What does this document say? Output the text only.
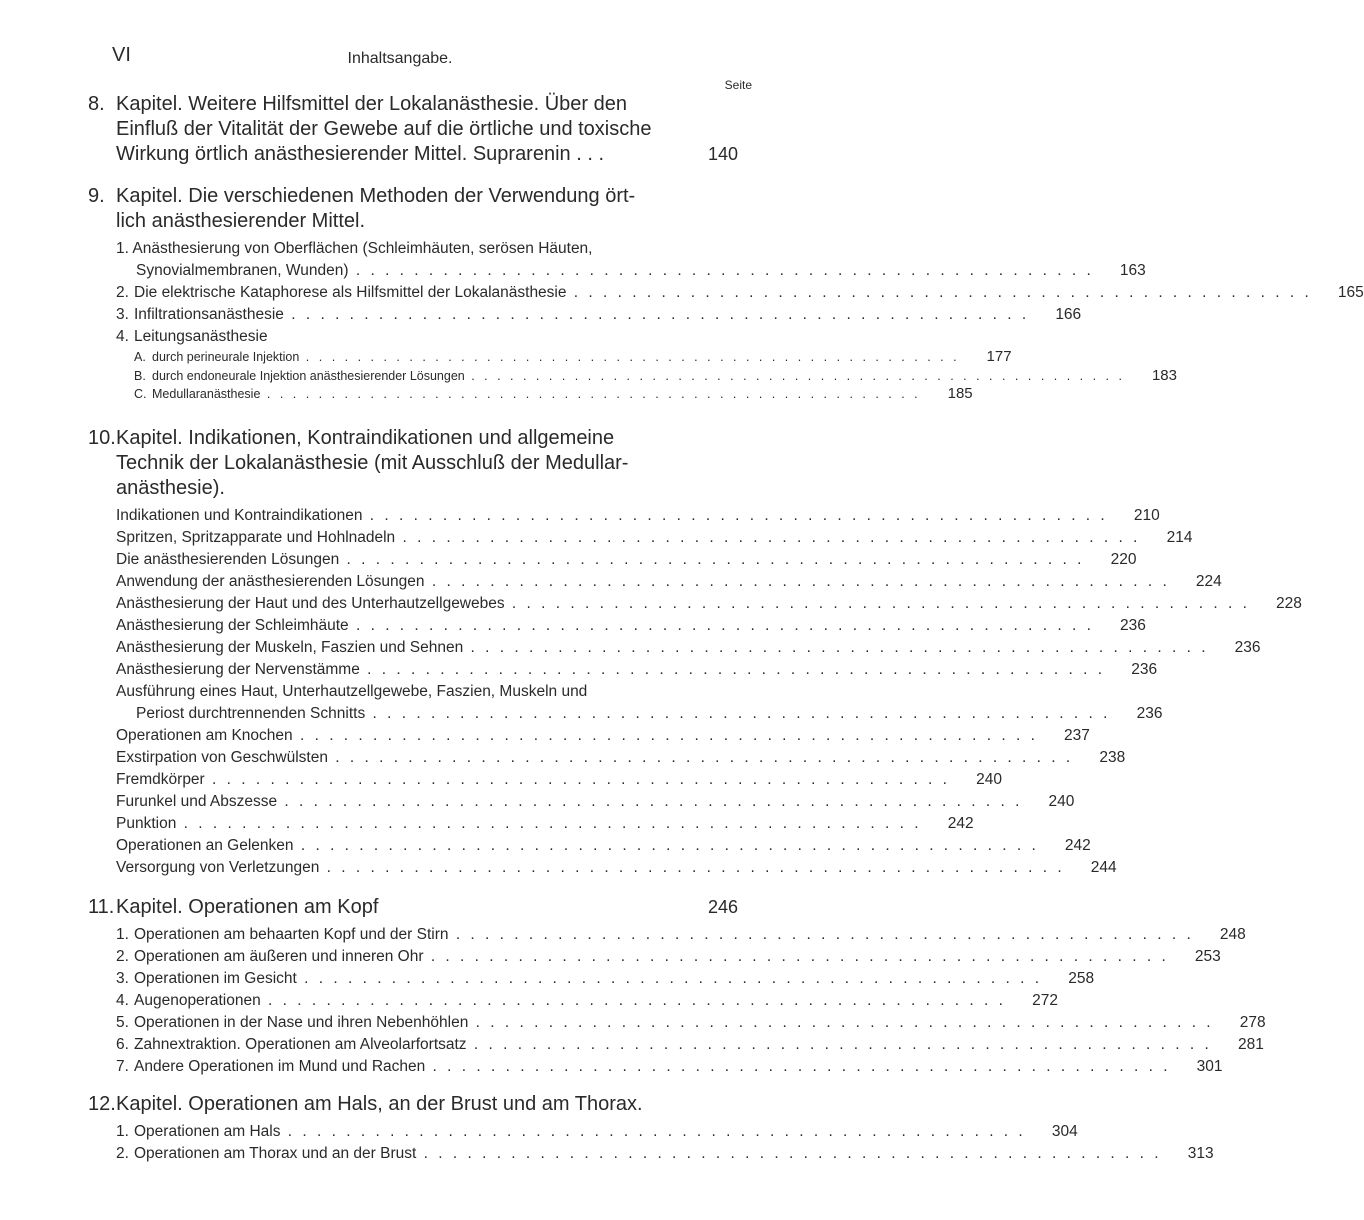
VI	Inhaltsangabe.
Seite
8. Kapitel. Weitere Hilfsmittel der Lokalanästhesie. Über den
Einfluß der Vitalität der Gewebe auf die örtliche und toxische
Wirkung örtlich anästhesierender Mittel. Suprarenin . . .	140
9. Kapitel. Die verschiedenen Methoden der Verwendung ört-
lich anästhesierender Mittel.
1. Anästhesierung von Oberflächen (Schleimhäuten, serösen Häuten,
Synovialmembranen, Wunden) . . . . . . . . . . . . . . . . . . . . . . . . . . . . . . . . . . . . . . . . . . . . . . . . . . .	163
2. Die elektrische Kataphorese als Hilfsmittel der Lokalanästhesie . . . . . . . . . . . . . . . . . . . . . . . . . . . . . . . . . . . . . . . . . . . . . . . . . . .	165
3. Infiltrationsanästhesie . . . . . . . . . . . . . . . . . . . . . . . . . . . . . . . . . . . . . . . . . . . . . . . . . . .	166
4. Leitungsanästhesie
A. durch perineurale Injektion . . . . . . . . . . . . . . . . . . . . . . . . . . . . . . . . . . . . . . . . . . . . . . . . . . .	177
B. durch endoneurale Injektion anästhesierender Lösungen . . . . . . . . . . . . . . . . . . . . . . . . . . . . . . . . . . . . . . . . . . . . . . . . . . .	183
C. Medullaranästhesie . . . . . . . . . . . . . . . . . . . . . . . . . . . . . . . . . . . . . . . . . . . . . . . . . . .	185
10. Kapitel. Indikationen, Kontraindikationen und allgemeine
Technik der Lokalanästhesie (mit Ausschluß der Medullar-
anästhesie).
Indikationen und Kontraindikationen . . . . . . . . . . . . . . . . . . . . . . . . . . . . . . . . . . . . . . . . . . . . . . . . . . .	210
Spritzen, Spritzapparate und Hohlnadeln . . . . . . . . . . . . . . . . . . . . . . . . . . . . . . . . . . . . . . . . . . . . . . . . . . .	214
Die anästhesierenden Lösungen . . . . . . . . . . . . . . . . . . . . . . . . . . . . . . . . . . . . . . . . . . . . . . . . . . .	220
Anwendung der anästhesierenden Lösungen . . . . . . . . . . . . . . . . . . . . . . . . . . . . . . . . . . . . . . . . . . . . . . . . . . .	224
Anästhesierung der Haut und des Unterhautzellgewebes . . . . . . . . . . . . . . . . . . . . . . . . . . . . . . . . . . . . . . . . . . . . . . . . . . .	228
Anästhesierung der Schleimhäute . . . . . . . . . . . . . . . . . . . . . . . . . . . . . . . . . . . . . . . . . . . . . . . . . . .	236
Anästhesierung der Muskeln, Faszien und Sehnen . . . . . . . . . . . . . . . . . . . . . . . . . . . . . . . . . . . . . . . . . . . . . . . . . . .	236
Anästhesierung der Nervenstämme . . . . . . . . . . . . . . . . . . . . . . . . . . . . . . . . . . . . . . . . . . . . . . . . . . .	236
Ausführung eines Haut, Unterhautzellgewebe, Faszien, Muskeln und
Periost durchtrennenden Schnitts . . . . . . . . . . . . . . . . . . . . . . . . . . . . . . . . . . . . . . . . . . . . . . . . . . .	236
Operationen am Knochen . . . . . . . . . . . . . . . . . . . . . . . . . . . . . . . . . . . . . . . . . . . . . . . . . . .	237
Exstirpation von Geschwülsten . . . . . . . . . . . . . . . . . . . . . . . . . . . . . . . . . . . . . . . . . . . . . . . . . . .	238
Fremdkörper . . . . . . . . . . . . . . . . . . . . . . . . . . . . . . . . . . . . . . . . . . . . . . . . . . .	240
Furunkel und Abszesse . . . . . . . . . . . . . . . . . . . . . . . . . . . . . . . . . . . . . . . . . . . . . . . . . . .	240
Punktion . . . . . . . . . . . . . . . . . . . . . . . . . . . . . . . . . . . . . . . . . . . . . . . . . . .	242
Operationen an Gelenken . . . . . . . . . . . . . . . . . . . . . . . . . . . . . . . . . . . . . . . . . . . . . . . . . . .	242
Versorgung von Verletzungen . . . . . . . . . . . . . . . . . . . . . . . . . . . . . . . . . . . . . . . . . . . . . . . . . . .	244
11. Kapitel. Operationen am Kopf	246
1. Operationen am behaarten Kopf und der Stirn . . . . . . . . . . . . . . . . . . . . . . . . . . . . . . . . . . . . . . . . . . . . . . . . . . .	248
2. Operationen am äußeren und inneren Ohr . . . . . . . . . . . . . . . . . . . . . . . . . . . . . . . . . . . . . . . . . . . . . . . . . . .	253
3. Operationen im Gesicht . . . . . . . . . . . . . . . . . . . . . . . . . . . . . . . . . . . . . . . . . . . . . . . . . . .	258
4. Augenoperationen . . . . . . . . . . . . . . . . . . . . . . . . . . . . . . . . . . . . . . . . . . . . . . . . . . .	272
5. Operationen in der Nase und ihren Nebenhöhlen . . . . . . . . . . . . . . . . . . . . . . . . . . . . . . . . . . . . . . . . . . . . . . . . . . .	278
6. Zahnextraktion. Operationen am Alveolarfortsatz . . . . . . . . . . . . . . . . . . . . . . . . . . . . . . . . . . . . . . . . . . . . . . . . . . .	281
7. Andere Operationen im Mund und Rachen . . . . . . . . . . . . . . . . . . . . . . . . . . . . . . . . . . . . . . . . . . . . . . . . . . .	301
12. Kapitel. Operationen am Hals, an der Brust und am Thorax.
1. Operationen am Hals . . . . . . . . . . . . . . . . . . . . . . . . . . . . . . . . . . . . . . . . . . . . . . . . . . .	304
2. Operationen am Thorax und an der Brust . . . . . . . . . . . . . . . . . . . . . . . . . . . . . . . . . . . . . . . . . . . . . . . . . . .	313
